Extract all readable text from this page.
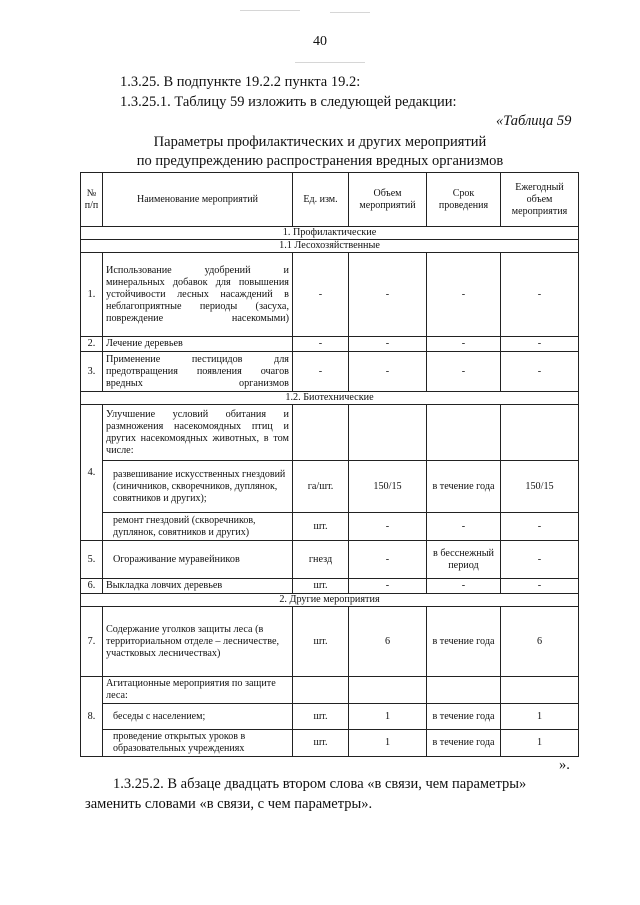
40
1.3.25. В подпункте 19.2.2 пункта 19.2:
1.3.25.1. Таблицу 59 изложить в следующей редакции:
«Таблица 59
Параметры профилактических и других мероприятий
по предупреждению распространения вредных организмов
№ п/п	Наименование мероприятий	Ед. изм.	Объем мероприятий	Срок проведения	Ежегодный объем мероприятия
1. Профилактические					
1.1 Лесохозяйственные					
1.	Использование удобрений и минеральных добавок для повышения устойчивости лесных насаждений в неблагоприятные периоды (засуха, повреждение насекомыми)	-	-	-	-
2.	Лечение деревьев	-	-	-	-
3.	Применение пестицидов для предотвращения появления очагов вредных организмов	-	-	-	-
1.2. Биотехнические					
4.	Улучшение условий обитания и размножения насекомоядных птиц и других насекомоядных животных, в том числе:				
	развешивание искусственных гнездовий (синичников, скворечников, дуплянок, совятников и других);	га/шт.	150/15	в течение года	150/15
	ремонт гнездовий (скворечников, дуплянок, совятников и других)	шт.	-	-	-
5.	Огораживание муравейников	гнезд	-	в бесснежный период	-
6.	Выкладка ловчих деревьев	шт.	-	-	-
2. Другие мероприятия					
7.	Содержание уголков защиты леса (в территориальном отделе – лесничестве, участковых лесничествах)	шт.	6	в течение года	6
8.	Агитационные мероприятия по защите леса:				
	беседы с населением;	шт.	1	в течение года	1
	проведение открытых уроков в образовательных учреждениях	шт.	1	в течение года	1
».
1.3.25.2. В абзаце двадцать втором слова «в связи, чем параметры»
заменить словами «в связи, с чем параметры».
